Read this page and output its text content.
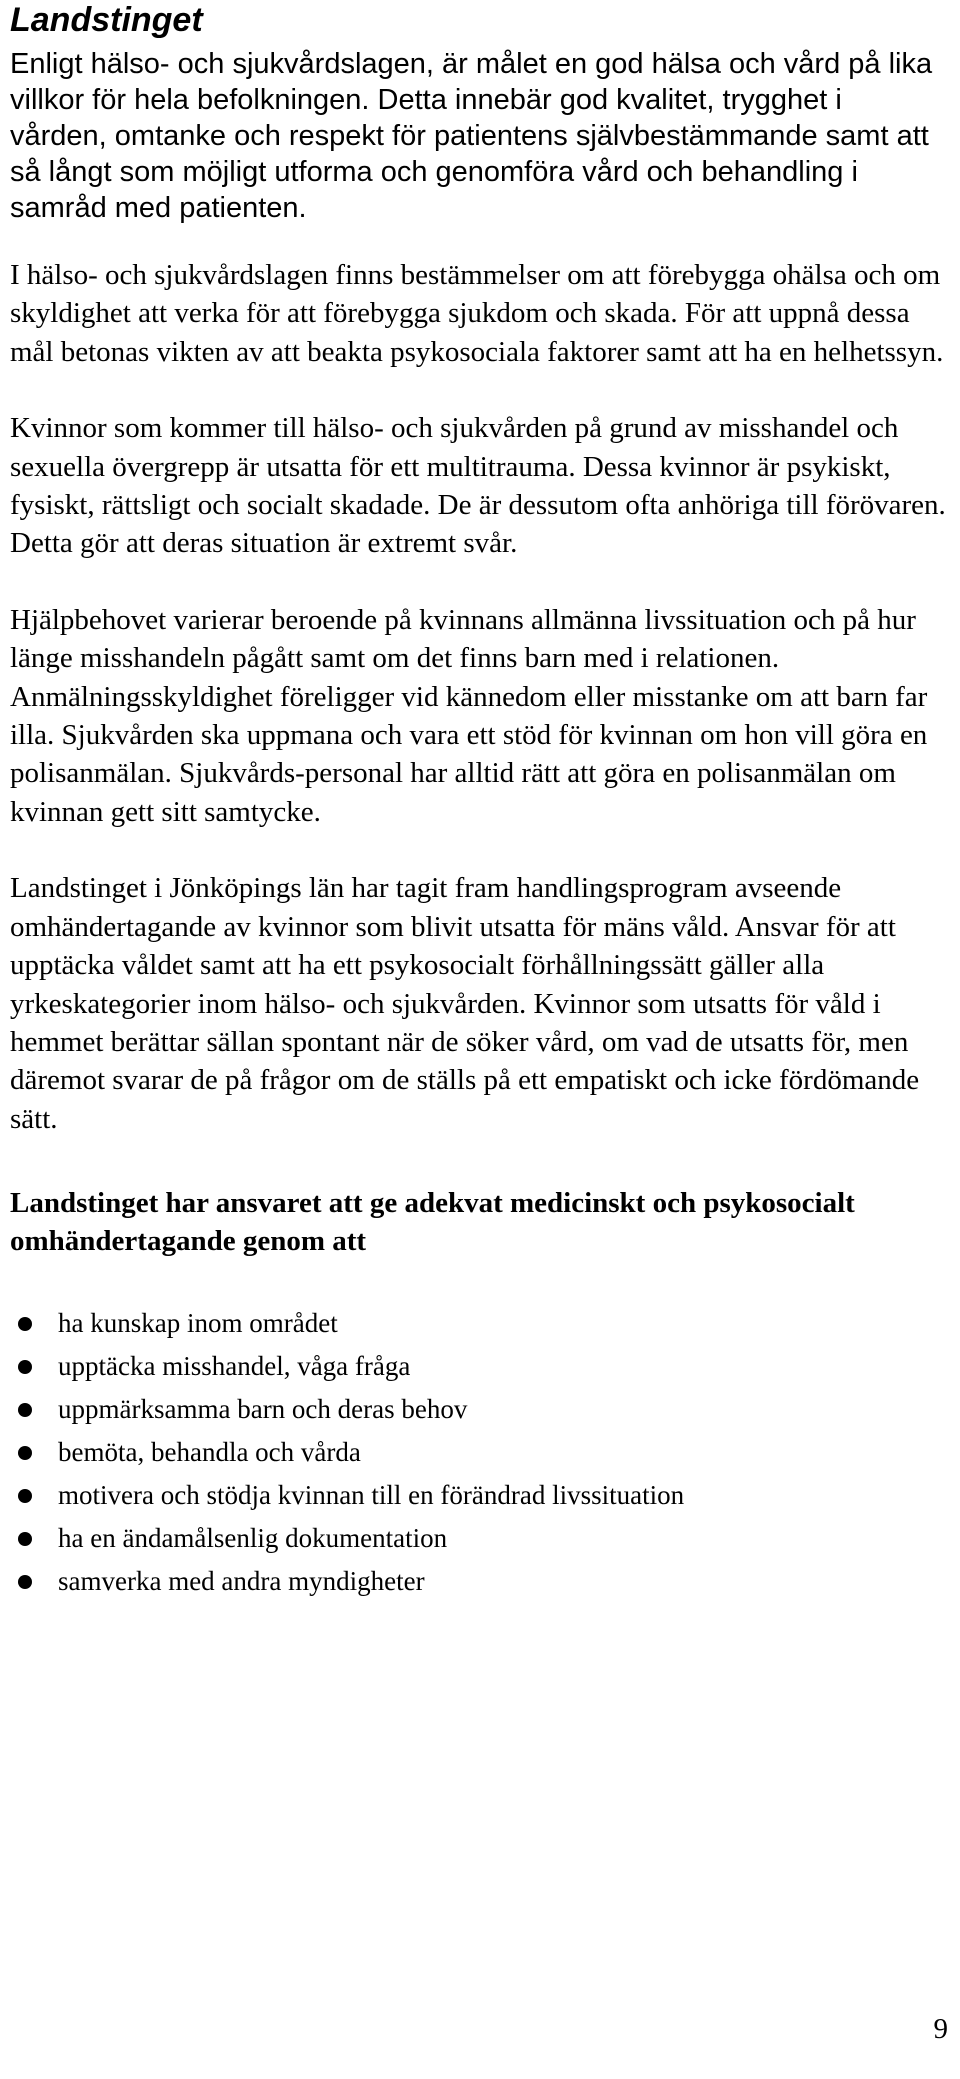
Landstinget

Enligt hälso- och sjukvårdslagen, är målet en god hälsa och vård på lika villkor för hela befolkningen. Detta innebär god kvalitet, trygghet i vården, omtanke och respekt för patientens självbestämmande samt att så långt som möjligt utforma och genomföra vård och behandling i samråd med patienten.

I hälso- och sjukvårdslagen finns bestämmelser om att förebygga ohälsa och om skyldighet att verka för att förebygga sjukdom och skada. För att uppnå dessa mål betonas vikten av att beakta psykosociala faktorer samt att ha en helhetssyn.

Kvinnor som kommer till hälso- och sjukvården på grund av misshandel och sexuella övergrepp är utsatta för ett multitrauma. Dessa kvinnor är psykiskt, fysiskt, rättsligt och socialt skadade. De är dessutom ofta anhöriga till förövaren. Detta gör att deras situation är extremt svår.

Hjälpbehovet varierar beroende på kvinnans allmänna livssituation och på hur länge misshandeln pågått samt om det finns barn med i relationen. Anmälningsskyldighet föreligger vid kännedom eller misstanke om att barn far illa. Sjukvården ska uppmana och vara ett stöd för kvinnan om hon vill göra en polisanmälan. Sjukvårds-personal har alltid rätt att göra en polisanmälan om kvinnan gett sitt samtycke.

Landstinget i Jönköpings län har tagit fram handlingsprogram avseende omhändertagande av kvinnor som blivit utsatta för mäns våld. Ansvar för att upptäcka våldet samt att ha ett psykosocialt förhållningssätt gäller alla yrkeskategorier inom hälso- och sjukvården. Kvinnor som utsatts för våld i hemmet berättar sällan spontant när de söker vård, om vad de utsatts för, men däremot svarar de på frågor om de ställs på ett empatiskt och icke fördömande sätt.

Landstinget har ansvaret att ge adekvat medicinskt och psykosocialt omhändertagande genom att

ha kunskap inom området
upptäcka misshandel, våga fråga
uppmärksamma barn och deras behov
bemöta, behandla och vårda
motivera och stödja kvinnan till en förändrad livssituation
ha en ändamålsenlig dokumentation
samverka med andra myndigheter
9
